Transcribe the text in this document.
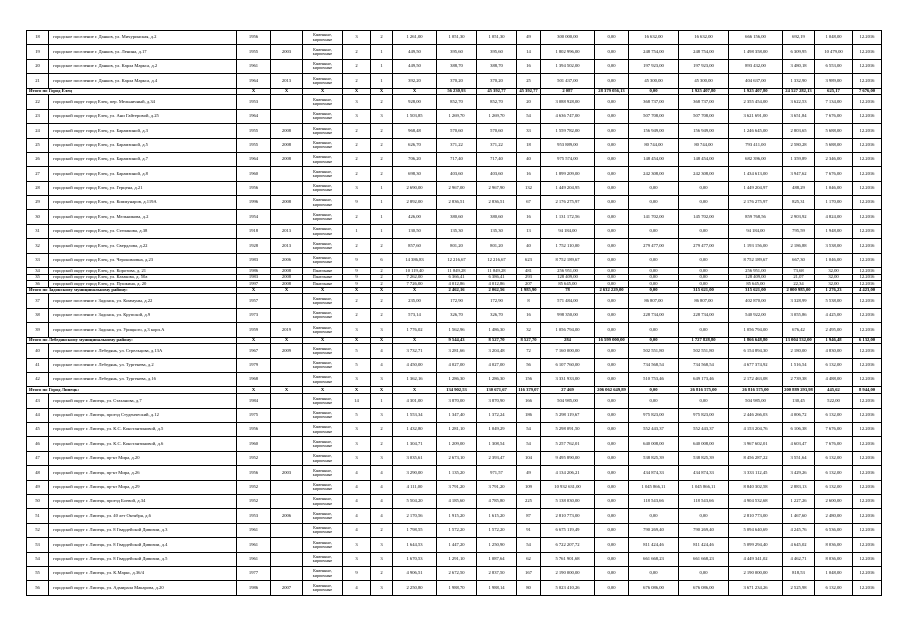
18	городское поселение г. Данков, ул. Мичуринская, д.2	1956		Каменные, кирпичные	3	2	1 261,00	1 051,30	1 051,30	49	300 000,00	0,00	16 632,00	16 632,00	666 156,00	692,19	1 048,00	12.2016	
19	городское поселение г. Данков, ул. Ленина, д.17	1955	2003	Каменные, кирпичные	2	1	449,50	395,60	395,60	14	1 802 996,00	0,00	248 754,00	248 754,00	1 498 358,00	6 309,95	10 479,00	12.2016	
20	городское поселение г. Данков, ул. Карла Маркса, д.2	1961		Каменные, кирпичные	2	1	449,50	388,70	388,70	16	1 394 502,00	0,00	197 923,00	197 923,00	893 432,00	3 480,18	6 553,00	12.2016	
21	городское поселение г. Данков, ул. Карла Маркса, д.4	1964	2013	Каменные, кирпичные	2	1	392,20	370,20	370,20	25	501 437,00	0,00	45 300,00	45 300,00	404 637,00	1 332,90	3 989,00	12.2016	
Итого по Город Елец		X	X	X	X	X	X	56 230,93	45 392,77	45 392,77	2 087	28 379 056,13	0,00	1 925 407,80	1 925 407,80	24 527 282,13	625,17	7 676,00	
22	городской округ город Елец, пер. Мельничный, д.34	1953		Каменные, кирпичные	3	2	928,00	852,70	852,70	20	3 088 928,00	0,00	368 737,00	368 737,00	2 355 454,00	3 622,53	7 134,00	12.2016	
23	городской округ город Елец, ул. Ани Гайтеровой, д.25	1964		Каменные, кирпичные	3	3	1 503,85	1 269,70	1 269,70	54	4 636 747,00	0,00	507 708,00	507 708,00	3 621 691,00	3 651,84	7 676,00	12.2016	
24	городской округ город Елец, ул. Барамзиной, д.3	1955	2008	Каменные, кирпичные	2	2	968,48	570,60	570,60	33	1 559 782,00	0,00	156 949,00	156 949,00	1 246 645,00	2 803,65	5 688,00	12.2016	
25	городской округ город Елец, ул. Барамзиной, д.5	1955	2008	Каменные, кирпичные	2	2	626,70	371,22	371,22	18	953 889,00	0,00	80 744,00	80 744,00	793 411,00	2 580,28	5 688,00	12.2016	
26	городской округ город Елец, ул. Барамзиной, д.7	1964	2008	Каменные, кирпичные	2	2	706,20	717,40	717,40	40	975 574,00	0,00	148 454,00	148 454,00	682 396,00	1 359,89	2 346,00	12.2016	
27	городской округ город Елец, ул. Барамзиной, д.8	1960		Каменные, кирпичные	2	2	698,30	403,60	403,60	16	1 899 209,00	0,00	242 308,00	242 308,00	1 434 613,00	3 947,62	7 676,00	12.2016	
28	городской округ город Елец, ул. Герцена, д.21	1956		Каменные, кирпичные	3	1	2 690,00	2 967,00	2 967,90	132	1 449 204,95	0,00	0,00	0,00	1 449 204,97	488,29	1 046,00	12.2016	
29	городской округ город Елец, ул. Коммунаров, д.119А	1996	2008	Каменные, кирпичные	9	1	2 892,00	2 836,51	2 836,51	67	2 176 275,97	0,00	0,00	0,00	2 176 275,97	825,31	1 170,00	12.2016	
30	городской округ город Елец, ул. Мельникова, д.2	1954		Каменные, кирпичные	2	1	426,00	380,60	380,60	16	1 131 172,56	0,00	141 702,00	145 702,00	859 768,56	2 903,92	4 824,00	12.2016	
31	городской округ город Елец, ул. Степанова, д.38	1918	2013	Каменные, кирпичные	1	1	130,50	135,30	135,30	13	94 184,00	0,00	0,00	0,00	94 184,00	795,59	1 948,00	12.2016	
32	городской округ город Елец, ул. Свердлова, д.22	1928	2013	Каменные, кирпичные	2	2	857,60	801,20	801,20	40	1 752 110,00	0,00	279 477,00	279 477,00	1 193 156,00	2 186,88	3 538,00	12.2016	
33	городской округ город Елец, ул. Черокимовна, д.23	1983	2006	Каменные, кирпичные	9	6	14 386,83	12 216,67	12 216,67	623	8 752 189,67	0,00	0,00	0,00	8 752 189,67	667,30	1 046,00	12.2016	
34	городской округ город Елец, ул. Коротова, д. 21	1986	2008	Панельные	9	2	10 119,40	11 849,28	11 849,28	481	256 951,00	0,00	0,00	0,00	256 951,00	73,68	32,00	12.2016	
35	городской округ город Елец, ул. Казакова, д. 50а	1983	2008	Панельные	9	2	7 262,00	6 366,41	6 386,41	293	128 409,00	0,00	0,00	0,00	128 409,00	21,07	32,00	12.2016	
36	городской округ город Елец, ул. Пушкина, д. 20	1997	2008	Панельные	9	2	7 726,00	4 012,86	4 012,86	207	85 645,00	0,00	0,00	0,00	85 645,00	22,34	32,00	12.2016	
Итого по Задонскому муниципальному району:		X	X	X	X	X	X	2 462,16	2 062,56	1 985,90	78	2 632 229,00	0,00	315 621,00	315 621,00	2 000 985,00	1 276,23	4 423,00	
37	городское поселение г. Задонск, ул. Коммуны, д.22	1957		Каменные, кирпичные	2	2	235,00	172,90	172,90	8	571 484,00	0,00	86 807,00	86 807,00	402 870,00	3 328,99	5 538,00	12.2016	
38	городское поселение г. Задонск, ул. Крупской, д.9	1973		Каменные, кирпичные	2	2	573,14	326,70	326,70	16	998 350,00	0,00	228 734,00	228 734,00	540 922,00	3 055,86	4 425,00	12.2016	
39	городское поселение г. Задонск, ул. Урицкого, д.3 корп.А	1959	2019	Каменные, кирпичные	3	3	1 776,02	1 562,96	1 486,30	32	1 056 794,00	0,00	0,00	0,00	1 056 794,00	676,42	2 495,00	12.2016	
Итого по Лебедянскому муниципальному району:		X	X	X	X	X	X	9 544,43	8 527,70	8 527,70	284	16 599 000,00	0,00	1 727 828,80	1 866 648,80	13 004 532,00	1 946,48	6 132,00	
40	городское поселение г. Лебедянь, ул. Стрельцова, д.13А	1967	2009	Каменные, кирпичные	5	4	3 732,71	3 281,66	3 204,48	72	7 160 000,00	0,00	502 551,80	502 551,80	6 154 894,30	2 180,00	4 830,00	12.2016	
41	городское поселение г. Лебедянь, ул. Тургенева, д.2	1979		Каменные, кирпичные	5	4	4 450,00	4 027,00	4 027,00	56	6 107 760,00	0,00	734 568,54	734 568,54	4 677 374,92	1 516,54	6 132,00	12.2016	
42	городское поселение г. Лебедянь, ул. Тургенева, д.16	1968		Каменные, кирпичные	3	3	1 362,16	1 286,30	1 286,30	156	3 331 933,00	0,00	510 753,46	649 173,46	2 172 463,08	2 739,38	4 488,00	12.2016	
Итого по Город Липецк:		X	X	X	X	X	X	134 902,53	130 671,67	116 379,07	27 469	206 062 649,89	0,00	26 816 575,00	26 816 575,00	200 889 293,98	445,62	8 944,00	
43	городской округ г. Липецк, ул. Стаханова, д.7	1984		Каменные, кирпичные	14	1	4 301,00	3 870,00	3 870,90	166	504 985,00	0,00	0,00	0,00	504 985,00	130,45	522,00	12.2016	
44	городской округ г. Липецк, проезд Студенческий, д.12	1975		Каменные, кирпичные	5	3	1 553,34	1 347,40	1 372,24	186	5 298 119,67	0,00	975 823,00	975 823,00	2 446 266,03	4 006,72	6 132,00	12.2016	
45	городской округ г. Липецк, ул. К.С. Константиновой, д.5	1956		Каменные, кирпичные	3	2	1 432,80	1 281,10	1 049,29	54	5 298 091,50	0,00	552 443,37	552 443,37	4 153 204,76	6 106,38	7 676,00	12.2016	
46	городской округ г. Липецк, ул. К.С. Константиновой, д.6	1960		Каменные, кирпичные	3	2	1 304,71	1 209,00	1 308,54	54	5 257 762,01	0,00	640 008,00	640 008,00	3 967 602,01	4 603,47	7 676,00	12.2016	
47	городской округ г. Липецк, пр-кт Мира, д.20	1952		Каменные, кирпичные	3	3	3 035,61	2 673,10	2 393,47	104	9 495 890,00	0,00	538 825,39	538 825,39	8 456 287,22	3 551,64	6 132,00	12.2016	
48	городской округ г. Липецк, пр-кт Мира, д.26	1956	2003	Каменные, кирпичные	4	4	3 290,00	1 135,20	971,57	49	4 134 206,21	0,00	434 874,33	434 874,33	3 333 112,45	3 429,26	6 132,00	12.2016	
49	городской округ г. Липецк, пр-кт Мира, д.29	1952		Каменные, кирпичные	4	4	4 111,00	3 791,20	3 791,20	109	10 932 631,00	0,00	1 045 866,11	1 045 866,11	8 840 302,58	2 883,13	6 132,00	12.2016	
50	городской округ г. Липецк, проезд Боевой, д.34	1952		Каменные, кирпичные	4	4	5 504,20	4 185,60	4 785,80	225	5 138 030,00	0,00	118 543,66	118 543,66	4 904 532,68	1 227,26	2 600,00	12.2016	
51	городской округ г. Липецк, ул. 40 лет Октября, д.6	1953	2006	Каменные, кирпичные	4	4	2 170,56	1 915,20	1 615,20	87	2 810 773,00	0,00	0,00	0,00	2 810 773,00	1 467,60	2 480,00	12.2016	
52	городской округ г. Липецк, ул. 8 Гвардейской Дивизии, д.3	1961		Каменные, кирпичные	4	2	1 798,55	1 572,20	1 572,20	91	6 675 119,49	0,00	790 269,40	790 269,40	5 094 640,69	4 245,76	6 536,00	12.2016	
53	городской округ г. Липецк, ул. 8 Гвардейской Дивизии, д.4	1961		Каменные, кирпичные	3	3	1 644,53	1 447,20	1 250,90	54	6 722 207,72	0,00	811 424,46	811 424,46	5 099 294,40	4 645,02	8 036,00	12.2016	
54	городской округ г. Липецк, ул. 8 Гвардейской Дивизии, д.5	1961		Каменные, кирпичные	3	3	1 670,53	1 291,10	1 087,64	62	5 761 901,68	0,00	661 668,23	661 668,23	4 449 341,02	4 462,71	8 036,00	12.2016	
55	городской округ г. Липецк, ул. К.Маркс, д.36/4	1977		Каменные, кирпичные	9	2	4 906,51	2 672,50	2 837,50	167	2 190 000,00	0,00	0,00	0,00	2 190 000,00	818,53	1 048,00	12.2016	
56	городской округ г. Липецк, ул. Адмирала Макарова, д.20	1986	2007	Каменные, кирпичные	4	3	2 250,80	1 988,70	1 988,14	80	5 023 410,26	0,00	676 086,00	676 086,00	3 671 234,26	2 525,98	6 132,00	12.2016	
